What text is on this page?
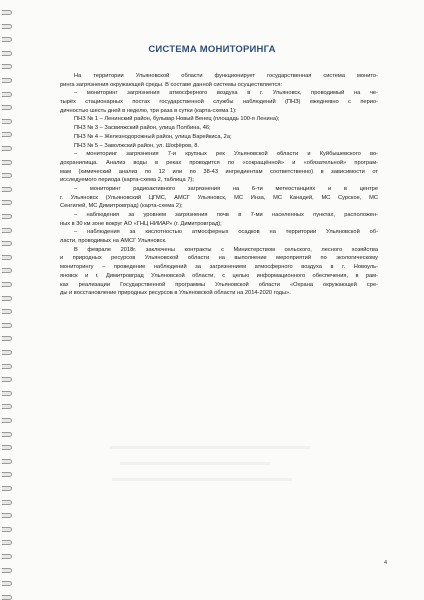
СИСТЕМА МОНИТОРИНГА
На территории Ульяновской области функционирует государственная система монито-
ринга загрязнения окружающей среды. В составе данной системы осуществляется:
– мониторинг загрязнения атмосферного воздуха в г. Ульяновск, проводимый на че-
тырёх стационарных постах государственной службы наблюдений (ПНЗ) ежедневно с перио-
дичностью шесть дней в неделю, три раза в сутки (карта-схема 1):
ПНЗ № 1 – Ленинский район, бульвар Новый Венец (площадь 100-я Ленина);
ПНЗ № 3 – Засвияжский район, улица Полбина, 46;
ПНЗ № 4 – Железнодорожный район, улица Варейкиса, 2а;
ПНЗ № 5 – Заволжский район, ул. Шофёров, 8.
– мониторинг загрязнения 7-и крупных рек Ульяновской области и Куйбышевского во-
дохранилища. Анализ воды в реках проводится по «сокращённой» и «обязательной» програм-
мам (химический анализ по 12 или по 38-43 ингредиентам соответственно) в зависимости от
исследуемого периода (карта-схема 2, таблица 7);
– мониторинг радиоактивного загрязнения на 6-ти метеостанциях и в центре
г. Ульяновск (Ульяновский ЦГМС, АМСГ Ульяновск, МС Инза, МС Канадей, МС Сурское, МС
Сенгилей, МС Димитровград) (карта-схема 2);
– наблюдения за уровнем загрязнения почв в 7-ми населенных пунктах, расположен-
ных в 30 км зоне вокруг АО «ГНЦ НИИАР» (г. Димитровград);
– наблюдения за кислотностью атмосферных осадков на территории Ульяновской об-
ласти, проводимых на АМСГ Ульяновск.
В феврале 2018г. заключены контракты с Министерством сельского, лесного хозяйства
и природных ресурсов Ульяновской области на выполнение мероприятий по экологическому
мониторингу – проведение наблюдений за загрязнением атмосферного воздуха в г. Новоуль-
яновск и г. Димитровград Ульяновской области, с целью информационного обеспечения, в рам-
ках реализации Государственной программы Ульяновской области «Охрана окружающей сре-
ды и восстановление природных ресурсов в Ульяновской области на 2014-2020 годы».
4
